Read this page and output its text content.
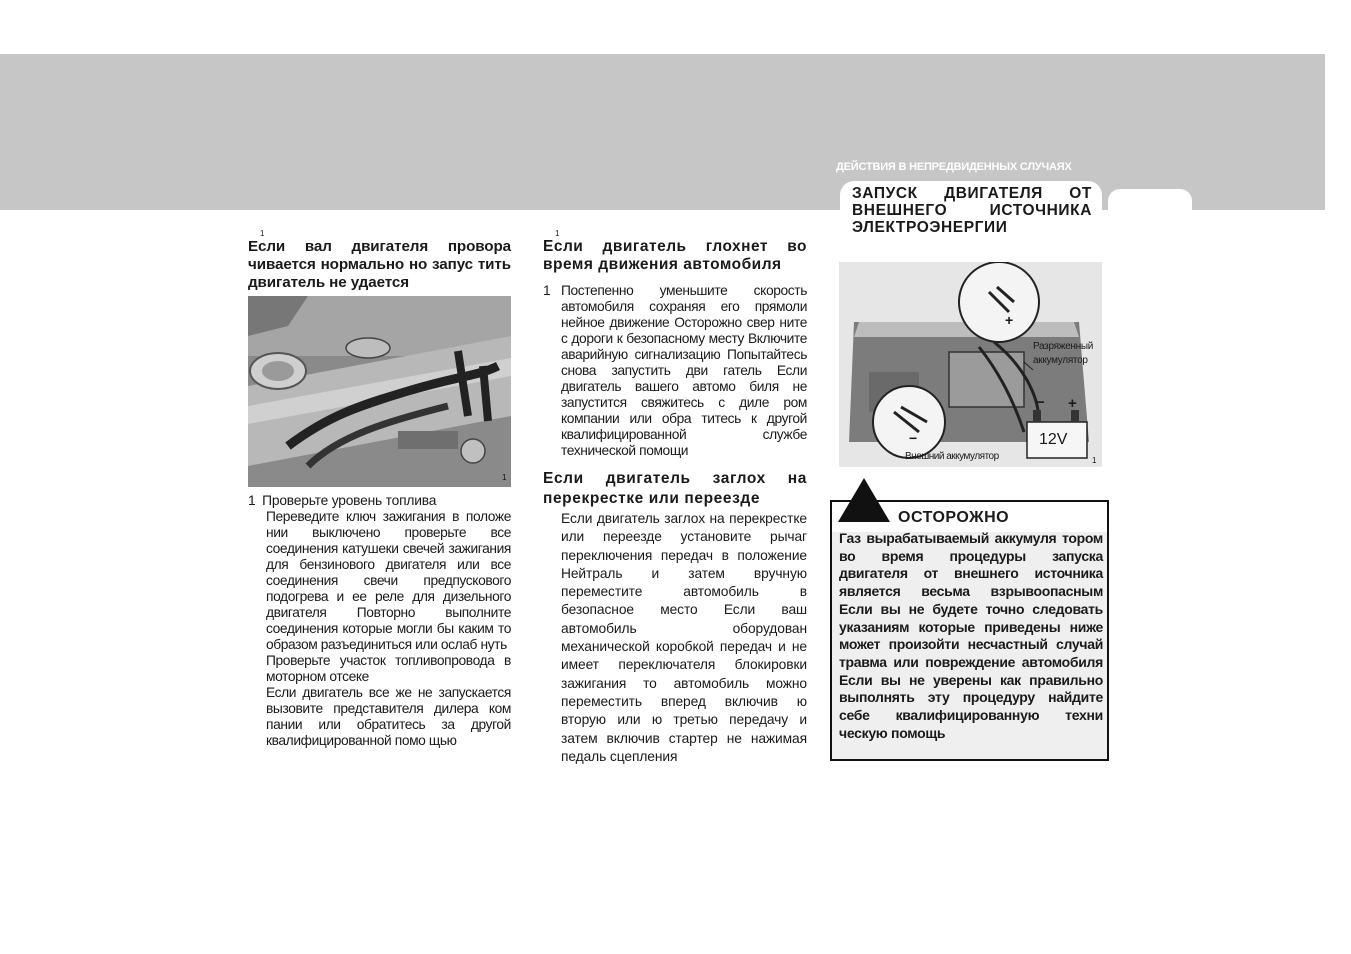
ДЕЙСТВИЯ В НЕПРЕДВИДЕННЫХ СЛУЧАЯХ
ЗАПУСК ДВИГАТЕЛЯ ОТ ВНЕШНЕГО ИСТОЧНИКА ЭЛЕКТРОЭНЕРГИИ
1
Если вал двигателя провора чивается нормально но запус тить двигатель не удается
1
1 Проверьте уровень топлива
Переведите ключ зажигания в положе нии выключено проверьте все соединения катушеки свечей зажигания для бензинового двигателя или все соединения свечи предпускового подогрева и ее реле для дизельного двигателя Повторно выполните соединения которые могли бы каким то образом разъединиться или ослаб нуть
Проверьте участок топливопровода в моторном отсеке
Если двигатель все же не запускается вызовите представителя дилера ком пании или обратитесь за другой квалифицированной помо щью
1
Если двигатель глохнет во время движения автомобиля
1 Постепенно уменьшите скорость автомобиля сохраняя его прямоли нейное движение Осторожно свер ните с дороги к безопасному месту Включите аварийную сигнализацию Попытайтесь снова запустить дви гатель Если двигатель вашего автомо биля не запустится свяжитесь с диле ром компании или обра титесь к другой квалифицированной службе технической помощи
Если двигатель заглох на перекрестке или переезде
Если двигатель заглох на перекрестке или переезде установите рычаг переключения передач в положение Нейтраль и затем вручную переместите автомобиль в безопасное место Если ваш автомобиль оборудован механической коробкой передач и не имеет переключателя блокировки зажигания то автомобиль можно переместить вперед включив ю вторую или ю третью передачу и затем включив стартер не нажимая педаль сцепления
+
−
− +
12V
Разряженный аккумулятор
Внешний аккумулятор	1
ОСТОРОЖНО
Газ вырабатываемый аккумуля тором во время процедуры запуска двигателя от внешнего источника является весьма взрывоопасным Если вы не будете точно следовать указаниям которые приведены ниже может произойти несчастный случай травма или повреждение автомобиля Если вы не уверены как правильно выполнять эту процедуру найдите себе квалифицированную техни ческую помощь
